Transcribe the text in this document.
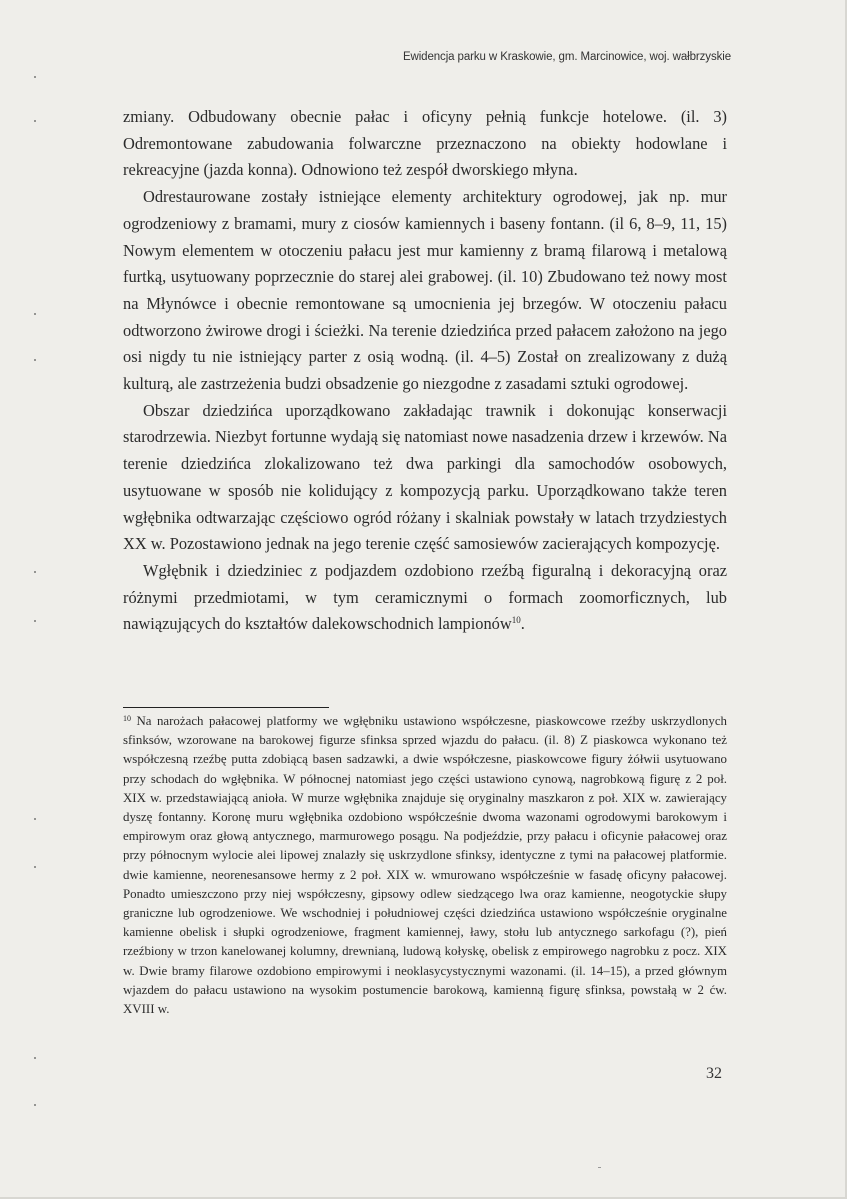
Ewidencja parku w Kraskowie, gm. Marcinowice, woj. wałbrzyskie

zmiany. Odbudowany obecnie pałac i oficyny pełnią funkcje hotelowe. (il. 3) Odremontowane zabudowania folwarczne przeznaczono na obiekty hodowlane i rekreacyjne (jazda konna). Odnowiono też zespół dworskiego młyna.

Odrestaurowane zostały istniejące elementy architektury ogrodowej, jak np. mur ogrodzeniowy z bramami, mury z ciosów kamiennych i baseny fontann. (il 6, 8–9, 11, 15) Nowym elementem w otoczeniu pałacu jest mur kamienny z bramą filarową i metalową furtką, usytuowany poprzecznie do starej alei grabowej. (il. 10) Zbudowano też nowy most na Młynówce i obecnie remontowane są umocnienia jej brzegów. W otoczeniu pałacu odtworzono żwirowe drogi i ścieżki. Na terenie dziedzińca przed pałacem założono na jego osi nigdy tu nie istniejący parter z osią wodną. (il. 4–5) Został on zrealizowany z dużą kulturą, ale zastrzeżenia budzi obsadzenie go niezgodne z zasadami sztuki ogrodowej.

Obszar dziedzińca uporządkowano zakładając trawnik i dokonując konserwacji starodrzewia. Niezbyt fortunne wydają się natomiast nowe nasadzenia drzew i krzewów. Na terenie dziedzińca zlokalizowano też dwa parkingi dla samochodów osobowych, usytuowane w sposób nie kolidujący z kompozycją parku. Uporządkowano także teren wgłębnika odtwarzając częściowo ogród różany i skalniak powstały w latach trzydziestych XX w. Pozostawiono jednak na jego terenie część samosiewów zacierających kompozycję.

Wgłębnik i dziedziniec z podjazdem ozdobiono rzeźbą figuralną i dekoracyjną oraz różnymi przedmiotami, w tym ceramicznymi o formach zoomorficznych, lub nawiązujących do kształtów dalekowschodnich lampionów$^{10}$.

$^{10}$ Na narożach pałacowej platformy we wgłębniku ustawiono współczesne, piaskowcowe rzeźby uskrzydlonych sfinksów, wzorowane na barokowej figurze sfinksa sprzed wjazdu do pałacu. (il. 8) Z piaskowca wykonano też współczesną rzeźbę putta zdobiącą basen sadzawki, a dwie współczesne, piaskowcowe figury żółwii usytuowano przy schodach do wgłębnika. W północnej natomiast jego części ustawiono cynową, nagrobkową figurę z 2 poł. XIX w. przedstawiającą anioła. W murze wgłębnika znajduje się oryginalny maszkaron z poł. XIX w. zawierający dyszę fontanny. Koronę muru wgłębnika ozdobiono współcześnie dwoma wazonami ogrodowymi barokowym i empirowym oraz głową antycznego, marmurowego posągu. Na podjeździe, przy pałacu i oficynie pałacowej oraz przy północnym wylocie alei lipowej znalazły się uskrzydlone sfinksy, identyczne z tymi na pałacowej platformie. dwie kamienne, neorenesansowe hermy z 2 poł. XIX w. wmurowano współcześnie w fasadę oficyny pałacowej. Ponadto umieszczono przy niej współczesny, gipsowy odlew siedzącego lwa oraz kamienne, neogotyckie słupy graniczne lub ogrodzeniowe. We wschodniej i południowej części dziedzińca ustawiono współcześnie oryginalne kamienne obelisk i słupki ogrodzeniowe, fragment kamiennej, ławy, stołu lub antycznego sarkofagu (?), pień rzeźbiony w trzon kanelowanej kolumny, drewnianą, ludową kołyskę, obelisk z empirowego nagrobku z pocz. XIX w. Dwie bramy filarowe ozdobiono empirowymi i neoklasycystycznymi wazonami. (il. 14–15), a przed głównym wjazdem do pałacu ustawiono na wysokim postumencie barokową, kamienną figurę sfinksa, powstałą w 2 ćw. XVIII w.
32
